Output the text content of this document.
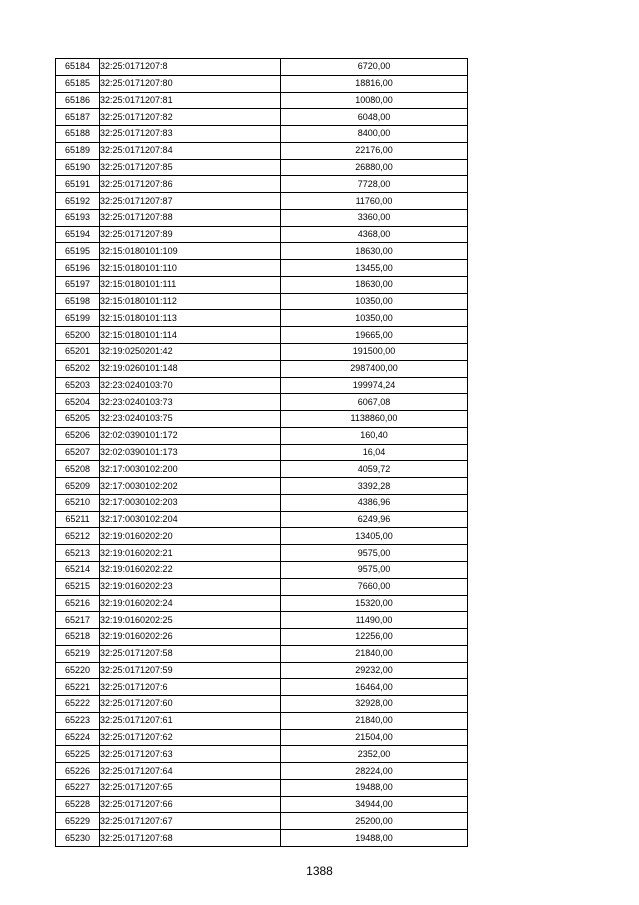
65184	32:25:0171207:8	6720,00
65185	32:25:0171207:80	18816,00
65186	32:25:0171207:81	10080,00
65187	32:25:0171207:82	6048,00
65188	32:25:0171207:83	8400,00
65189	32:25:0171207:84	22176,00
65190	32:25:0171207:85	26880,00
65191	32:25:0171207:86	7728,00
65192	32:25:0171207:87	11760,00
65193	32:25:0171207:88	3360,00
65194	32:25:0171207:89	4368,00
65195	32:15:0180101:109	18630,00
65196	32:15:0180101:110	13455,00
65197	32:15:0180101:111	18630,00
65198	32:15:0180101:112	10350,00
65199	32:15:0180101:113	10350,00
65200	32:15:0180101:114	19665,00
65201	32:19:0250201:42	191500,00
65202	32:19:0260101:148	2987400,00
65203	32:23:0240103:70	199974,24
65204	32:23:0240103:73	6067,08
65205	32:23:0240103:75	1138860,00
65206	32:02:0390101:172	160,40
65207	32:02:0390101:173	16,04
65208	32:17:0030102:200	4059,72
65209	32:17:0030102:202	3392,28
65210	32:17:0030102:203	4386,96
65211	32:17:0030102:204	6249,96
65212	32:19:0160202:20	13405,00
65213	32:19:0160202:21	9575,00
65214	32:19:0160202:22	9575,00
65215	32:19:0160202:23	7660,00
65216	32:19:0160202:24	15320,00
65217	32:19:0160202:25	11490,00
65218	32:19:0160202:26	12256,00
65219	32:25:0171207:58	21840,00
65220	32:25:0171207:59	29232,00
65221	32:25:0171207:6	16464,00
65222	32:25:0171207:60	32928,00
65223	32:25:0171207:61	21840,00
65224	32:25:0171207:62	21504,00
65225	32:25:0171207:63	2352,00
65226	32:25:0171207:64	28224,00
65227	32:25:0171207:65	19488,00
65228	32:25:0171207:66	34944,00
65229	32:25:0171207:67	25200,00
65230	32:25:0171207:68	19488,00
1388
